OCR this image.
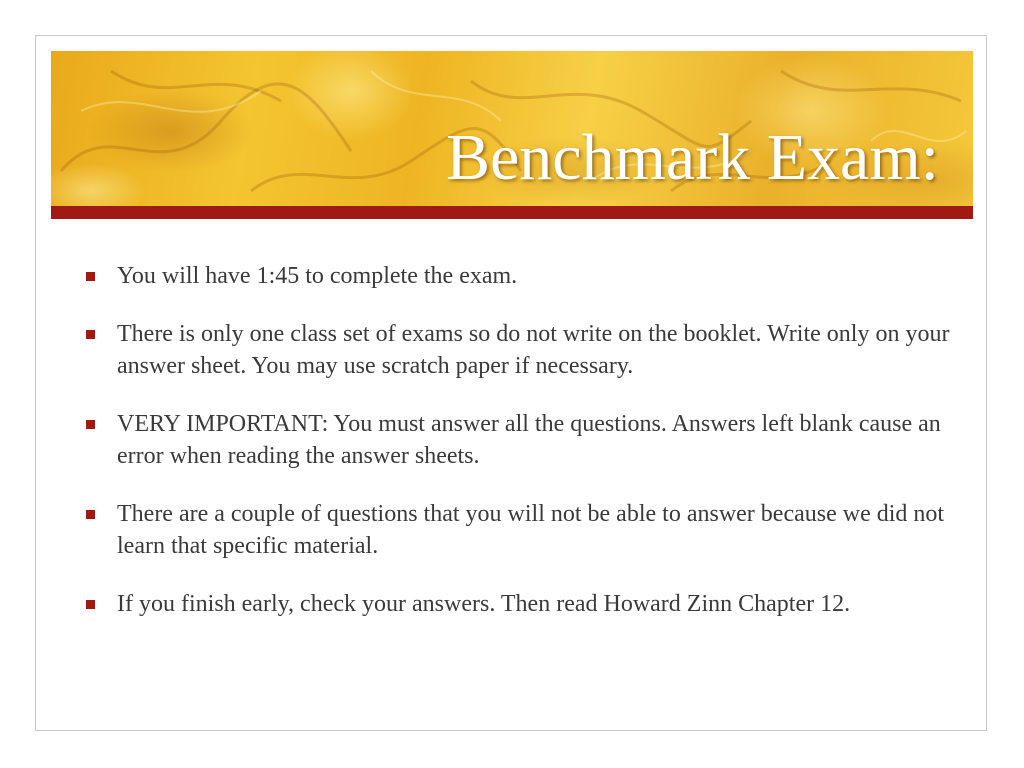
Benchmark Exam:
You will have 1:45 to complete the exam.
There is only one class set of exams so do not write on the booklet. Write only on your answer sheet. You may use scratch paper if necessary.
VERY IMPORTANT: You must answer all the questions. Answers left blank cause an error when reading the answer sheets.
There are a couple of questions that you will not be able to answer because we did not learn that specific material.
If you finish early, check your answers. Then read Howard Zinn Chapter 12.
